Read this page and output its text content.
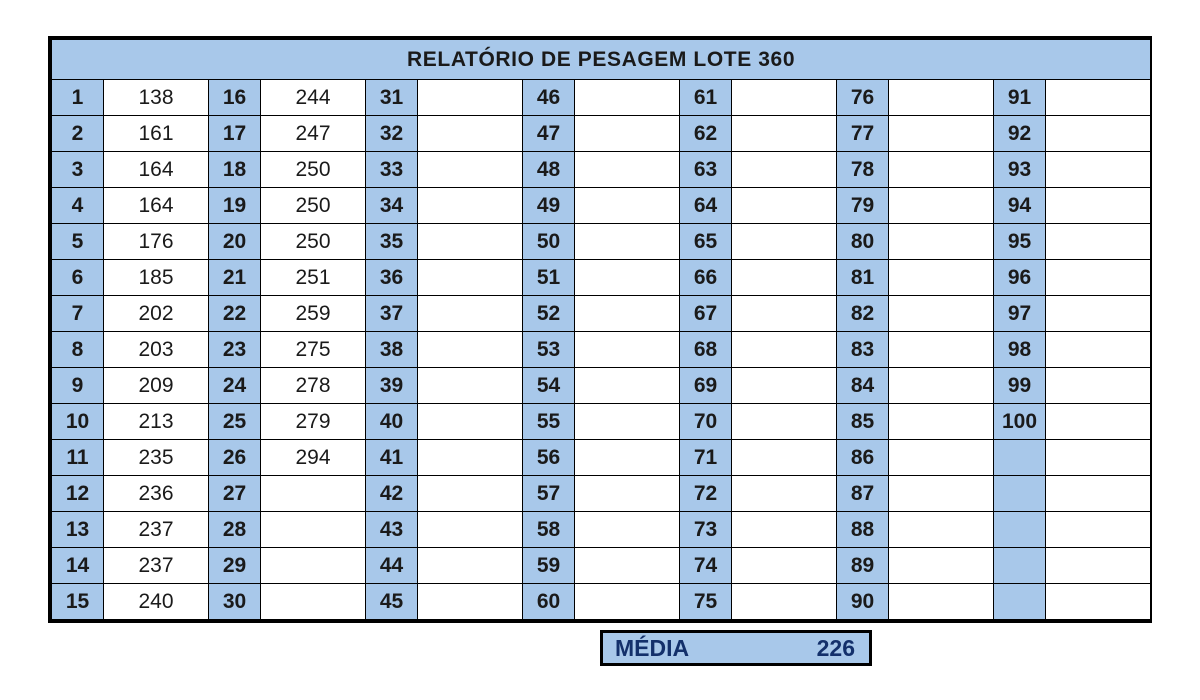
RELATÓRIO DE PESAGEM LOTE 360													
1	138	16	244	31		46		61		76		91	
2	161	17	247	32		47		62		77		92	
3	164	18	250	33		48		63		78		93	
4	164	19	250	34		49		64		79		94	
5	176	20	250	35		50		65		80		95	
6	185	21	251	36		51		66		81		96	
7	202	22	259	37		52		67		82		97	
8	203	23	275	38		53		68		83		98	
9	209	24	278	39		54		69		84		99	
10	213	25	279	40		55		70		85		100	
11	235	26	294	41		56		71		86			
12	236	27		42		57		72		87			
13	237	28		43		58		73		88			
14	237	29		44		59		74		89			
15	240	30		45		60		75		90			
MÉDIA	226
